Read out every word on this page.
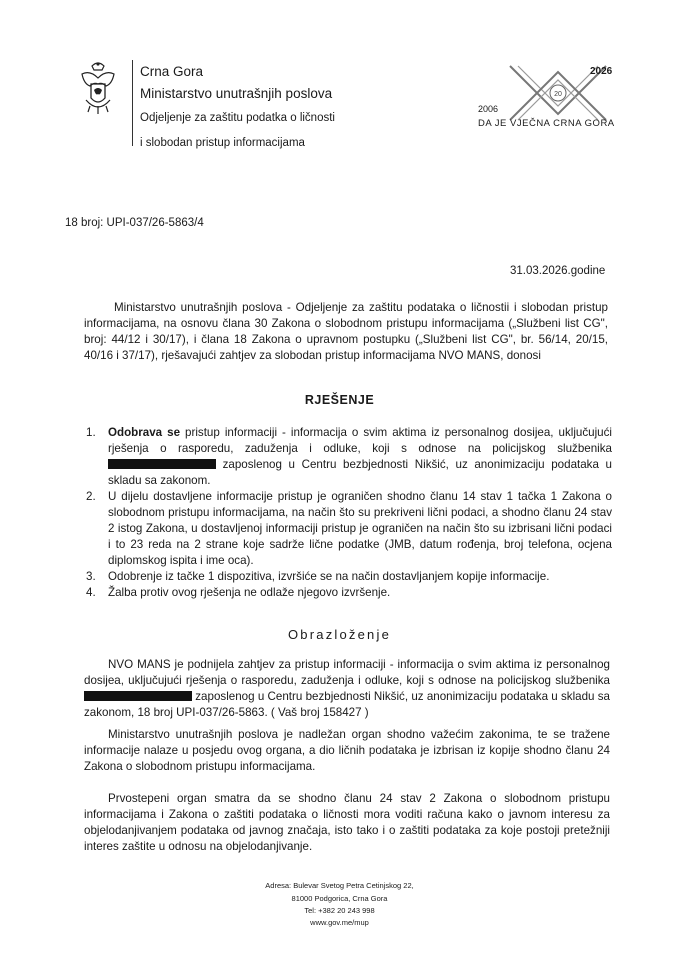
Crna Gora
Ministarstvo unutrašnjih poslova
Odjeljenje za zaštitu podatka o ličnosti
i slobodan pristup informacijama
20
2026
2006
DA JE VJEČNA CRNA GORA
18 broj: UPI-037/26-5863/4
31.03.2026.godine
Ministarstvo unutrašnjih poslova - Odjeljenje za zaštitu podataka o ličnostii i slobodan pristup informacijama, na osnovu člana 30 Zakona o slobodnom pristupu informacijama („Službeni list CG", broj: 44/12 i 30/17), i člana 18 Zakona o upravnom postupku („Službeni list CG", br. 56/14, 20/15, 40/16 i 37/17), rješavajući zahtjev za slobodan pristup informacijama NVO MANS, donosi
RJEŠENJE
1. Odobrava se pristup informaciji - informacija o svim aktima iz personalnog dosijea, uključujući rješenja o rasporedu, zaduženja i odluke, koji s odnose na policijskog službenika  zaposlenog u Centru bezbjednosti Nikšić, uz anonimizaciju podataka u skladu sa zakonom.
2. U dijelu dostavljene informacije pristup je ograničen shodno članu 14 stav 1 tačka 1 Zakona o slobodnom pristupu informacijama, na način što su prekriveni lični podaci, a shodno članu 24 stav 2 istog Zakona, u dostavljenoj informaciji pristup je ograničen na način što su izbrisani lični podaci i to 23 reda na 2 strane koje sadrže lične podatke (JMB, datum rođenja, broj telefona, ocjena diplomskog ispita i ime oca).
3. Odobrenje iz tačke 1 dispozitiva, izvršiće se na način dostavljanjem kopije informacije.
4. Žalba protiv ovog rješenja ne odlaže njegovo izvršenje.
Obrazloženje
NVO MANS je podnijela zahtjev za pristup informaciji - informacija o svim aktima iz personalnog dosijea, uključujući rješenja o rasporedu, zaduženja i odluke, koji s odnose na policijskog službenika  zaposlenog u Centru bezbjednosti Nikšić, uz anonimizaciju podataka u skladu sa zakonom, 18 broj UPI-037/26-5863. ( Vaš broj 158427 )
Ministarstvo unutrašnjih poslova je nadležan organ shodno važećim zakonima, te se tražene informacije nalaze u posjedu ovog organa, a dio ličnih podataka je izbrisan iz kopije shodno članu 24 Zakona o slobodnom pristupu informacijama.
Prvostepeni organ smatra da se shodno članu 24 stav 2 Zakona o slobodnom pristupu informacijama i Zakona o zaštiti podataka o ličnosti mora voditi računa kako o javnom interesu za objelodanjivanjem podataka od javnog značaja, isto tako i o zaštiti podataka za koje postoji pretežniji interes zaštite u odnosu na objelodanjivanje.
Adresa: Bulevar Svetog Petra Cetinjskog 22,
81000 Podgorica, Crna Gora
Tel: +382 20 243 998
www.gov.me/mup
